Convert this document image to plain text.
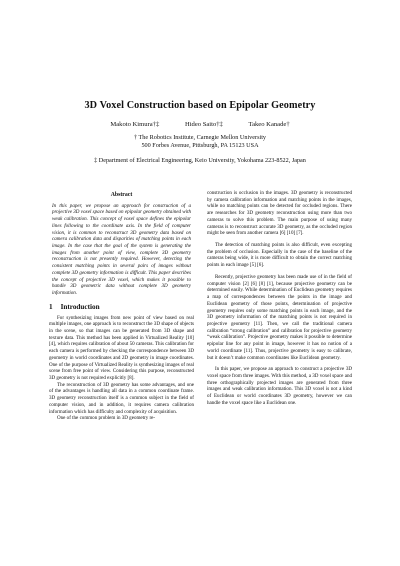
3D Voxel Construction based on Epipolar Geometry
Makoto Kimura†‡	Hideo Saito†‡	Takeo Kanade†
† The Robotics Institute, Carnegie Mellon University
500 Forbes Avenue, Pittsburgh, PA 15123 USA
‡ Department of Electrical Engineering, Keio University, Yokohama 223-8522, Japan
Abstract
In this paper, we propose an approach for construction of a projective 3D voxel space based on epipolar geometry obtained with weak calibration. This concept of voxel space defines the epipolar lines following to the coordinate axis. In the field of computer vision, it is common to reconstruct 3D geometry data based on camera calibration data and disparities of matching points in each image. In the case that the goal of the system is generating the images from another point of view, complete 3D geometry reconstruction is not presently required. However, detecting the consistent matching points in several pairs of images without complete 3D geometry information is difficult. This paper describes the concept of projective 3D voxel, which makes it possible to handle 3D geometric data without complete 3D geometry information.
1 Introduction

For synthesizing images from new point of view based on real multiple images, one approach is to reconstruct the 3D shape of objects in the scene, so that images can be generated from 3D shape and texture data. This method has been applied in Virtualized Reality [10] [4], which requires calibration of about 50 cameras. This calibration for each camera is performed by checking the correspondence between 3D geometry in world coordinates and 2D geometry in image coordinates. One of the purpose of Virtualized Reality is synthesizing images of real scene from free point of view. Considering this purpose, reconstructed 3D geometry is not required explicitly [8].

The reconstruction of 3D geometry has some advantages, and one of the advantages is handling all data in a common coordinate frame. 3D geometry reconstruction itself is a common subject in the field of computer vision, and in addition, it requires camera calibration information which has difficulty and complexity of acquisition.

One of the common problem in 3D geometry re-

construction is occlusion in the images. 3D geometry is reconstructed by camera calibration information and matching points in the images, while no matching points can be detected for occluded regions. There are researches for 3D geometry reconstruction using more than two cameras to solve this problem. The main purpose of using many cameras is to reconstruct accurate 3D geometry, as the occluded region might be seen from another camera [6] [10] [7].

The detection of matching points is also difficult, even excepting the problem of occlusion. Especially in the case of the baseline of the cameras being wide, it is more difficult to obtain the correct matching points in each image [5] [6].

Recently, projective geometry has been made use of in the field of computer vision [2] [6] [8] [1], because projective geometry can be determined easily. While determination of Euclidean geometry requires a map of correspondences between the points in the image and Euclidean geometry of those points, determination of projective geometry requires only some matching points in each image, and the 3D geometry information of the matching points is not required in projective geometry [11]. Then, we call the traditional camera calibration “strong calibration” and calibration for projective geometry “weak calibration”. Projective geometry makes it possible to determine epipolar line for any point in image, however it has no notion of a world coordinate [11]. Thus, projective geometry is easy to calibrate, but it doesn’t make common coordinates like Euclidean geometry.

In this paper, we propose an approach to construct a projective 3D voxel space from three images. With this method, a 3D voxel space and three orthographically projected images are generated from three images and weak calibration information. This 3D voxel is not a kind of Euclidean or world coordinates 3D geometry, however we can handle the voxel space like a Euclidean one.
